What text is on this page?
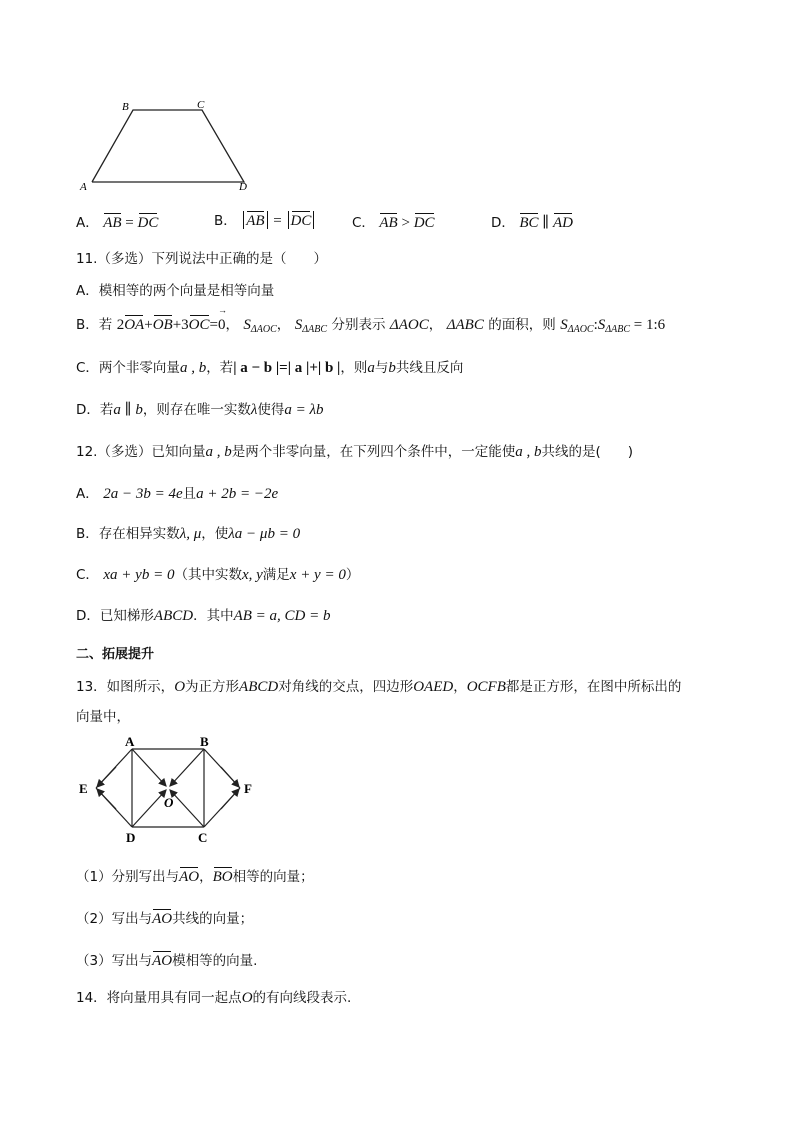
A
B	C
D
A． AB = DC	B． AB = DC	C． AB > DC	D． BC ∥ AD
11.（多选）下列说法中正确的是（　　）
A．模相等的两个向量是相等向量
B．若 2OA+OB+3OC=→ 0， $S_{\Delta AOC}$， $S_{\Delta ABC}$ 分别表示 ΔAOC， ΔABC 的面积，则 $S_{\Delta AOC}:S_{\Delta ABC}$ = 1:6
C．两个非零向量a , b，若| a − b |=| a |+| b |，则a与b共线且反向
D．若a ∥ b，则存在唯一实数λ使得a = λb
12.（多选）已知向量a , b是两个非零向量，在下列四个条件中，一定能使a , b共线的是(　　)
A． 2a − 3b = 4e且a + 2b = −2e
B．存在相异实数λ, μ，使λa − μb = 0
C． xa + yb = 0（其中实数x, y满足x + y = 0）
D．已知梯形ABCD．其中AB = a, CD = b
二、拓展提升
13．如图所示，O为正方形ABCD对角线的交点，四边形OAED，OCFB都是正方形，在图中所标出的
向量中，
A	B
C
D
E	F
O
（1）分别写出与AO，BO相等的向量；
（2）写出与AO共线的向量；
（3）写出与AO模相等的向量.
14．将向量用具有同一起点O的有向线段表示.
